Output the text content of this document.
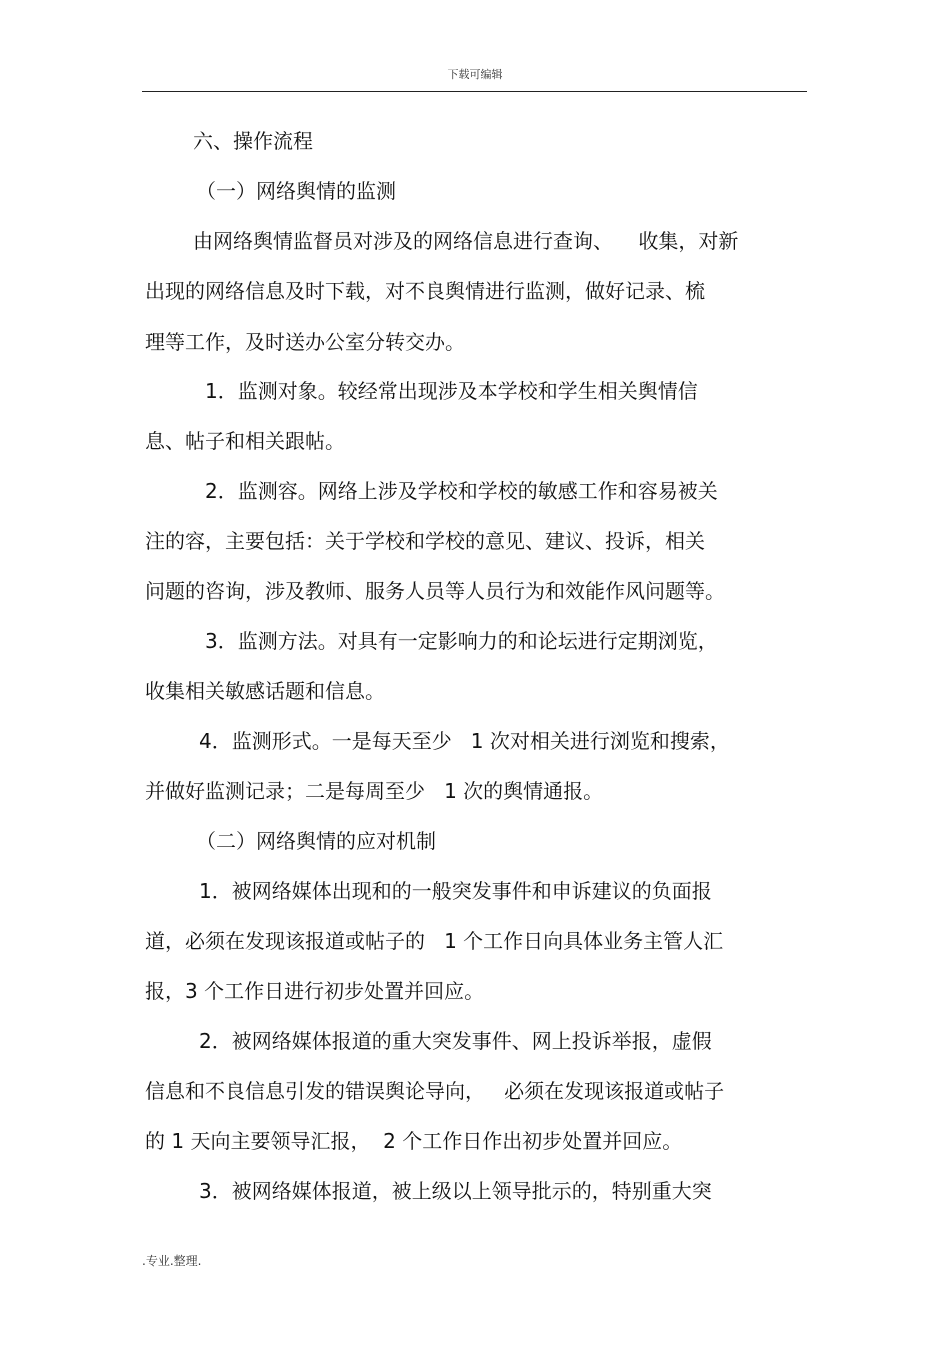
下载可编辑
六、操作流程
（一）网络舆情的监测
由网络舆情监督员对涉及的网络信息进行查询、    收集，对新
出现的网络信息及时下载，对不良舆情进行监测，做好记录、梳
理等工作，及时送办公室分转交办。
1．监测对象。较经常出现涉及本学校和学生相关舆情信
息、帖子和相关跟帖。
2．监测容。网络上涉及学校和学校的敏感工作和容易被关
注的容，主要包括：关于学校和学校的意见、建议、投诉，相关
问题的咨询，涉及教师、服务人员等人员行为和效能作风问题等。
3．监测方法。对具有一定影响力的和论坛进行定期浏览，
收集相关敏感话题和信息。
4．监测形式。一是每天至少   1 次对相关进行浏览和搜索，
并做好监测记录；二是每周至少   1 次的舆情通报。
（二）网络舆情的应对机制
1．被网络媒体出现和的一般突发事件和申诉建议的负面报
道，必须在发现该报道或帖子的   1 个工作日向具体业务主管人汇
报，3 个工作日进行初步处置并回应。
2．被网络媒体报道的重大突发事件、网上投诉举报，虚假
信息和不良信息引发的错误舆论导向，   必须在发现该报道或帖子
的 1 天向主要领导汇报，  2 个工作日作出初步处置并回应。
3．被网络媒体报道，被上级以上领导批示的，特别重大突
.专业.整理.
